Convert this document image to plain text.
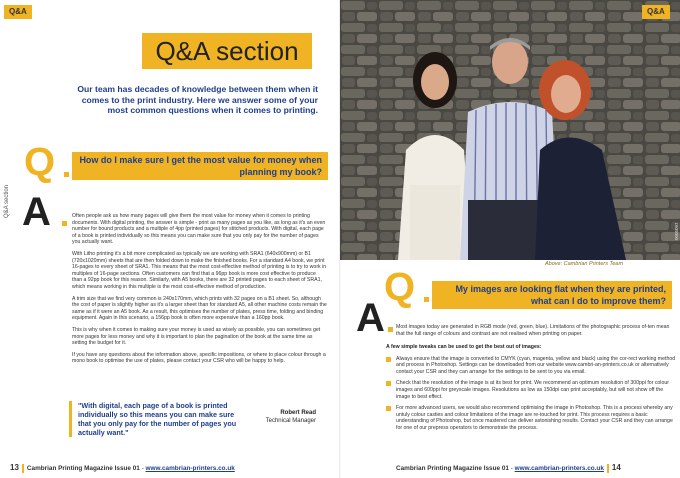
Q&A
Q&A section
Our team has decades of knowledge between them when it comes to the print industry. Here we answer some of your most common questions when it comes to printing.
Q	How do I make sure I get the most value for money when planning my book?
A
Q&A section	Often people ask us how many pages will give them the most value for money when it comes to printing documents. With digital printing, the answer is simple - print as many pages as you like, as long as it's an even number for bound products and a multiple of 4pp (printed pages) for stitched products. With digital, each page of a book is printed individually so this means you can make sure that you only pay for the number of pages you actually want.

With Litho printing it's a bit more complicated as typically we are working with SRA1 (640x900mm) or B1 (720x1020mm) sheets that are then folded down to make the finished books. For a standard A4 book, we print 16-pages to every sheet of SRA1. This means that the most cost-effective method of printing is to try to work in multiples of 16-page sections. Often customers can find that a 96pp book is more cost effective to produce than a 92pp book for this reason. Similarly, with A5 books, there are 32 printed pages to each sheet of SRA1, which means working in this multiple is the most cost-effective method of production.

A trim size that we find very common is 240x170mm, which prints with 32 pages on a B1 sheet. So, although the cost of paper is slightly higher as it's a larger sheet than for standard A5, all other machine costs remain the same as if it were an A5 book. As a result, this optimises the number of plates, press time, folding and binding equipment. Again in this scenario, a 156pp book is often more expensive than a 160pp book.

This is why when it comes to making sure your money is used as wisely as possible, you can sometimes get more pages for less money and why it is important to plan the pagination of the book at the same time as setting the budget for it.

If you have any questions about the information above, specific impositions, or where to place colour through a mono book to optimise the use of plates, please contact your CSR who will be happy to help.

"With digital, each page of a book is printed individually so this means you can make sure that you only pay for the number of pages you actually want."
Robert Read
Technical Manager
13 Cambrian Printing Magazine Issue 01 - www.cambrian-printers.co.uk
Q&A
0005097
Above: Cambrian Printers Team
Q	My images are looking flat when they are printed, what can I do to improve them?
A Most images today are generated in RGB mode (red, green, blue). Limitations of the photographic process of-ten mean that the full range of colours and contrast are not realised when printing on paper.
A few simple tweaks can be used to get the best out of images:
Always ensure that the image is converted to CMYK (cyan, magenta, yellow and black) using the cor-rect working method and process in Photoshop. Settings can be downloaded from our website www.cambri-an-printers.co.uk or alternatively contact your CSR and they can arrange for the settings to be sent to you via email.
Check that the resolution of the image is at its best for print. We recommend an optimum resolution of 300ppi for colour images and 600ppi for greyscale images. Resolutions as low as 150dpi can print acceptably, but will not show off the image to best effect.
For more advanced users, we would also recommend optimising the image in Photoshop. This is a process whereby any untuly colour casties and colour limitations of the image are re-touched for print. This process requires a basic understanding of Photoshop, but once mastered can deliver astonishing results. Contact your CSR and they can arrange for one of our prepress operators to demonstrate the process.
Cambrian Printing Magazine Issue 01 - www.cambrian-printers.co.uk 14
